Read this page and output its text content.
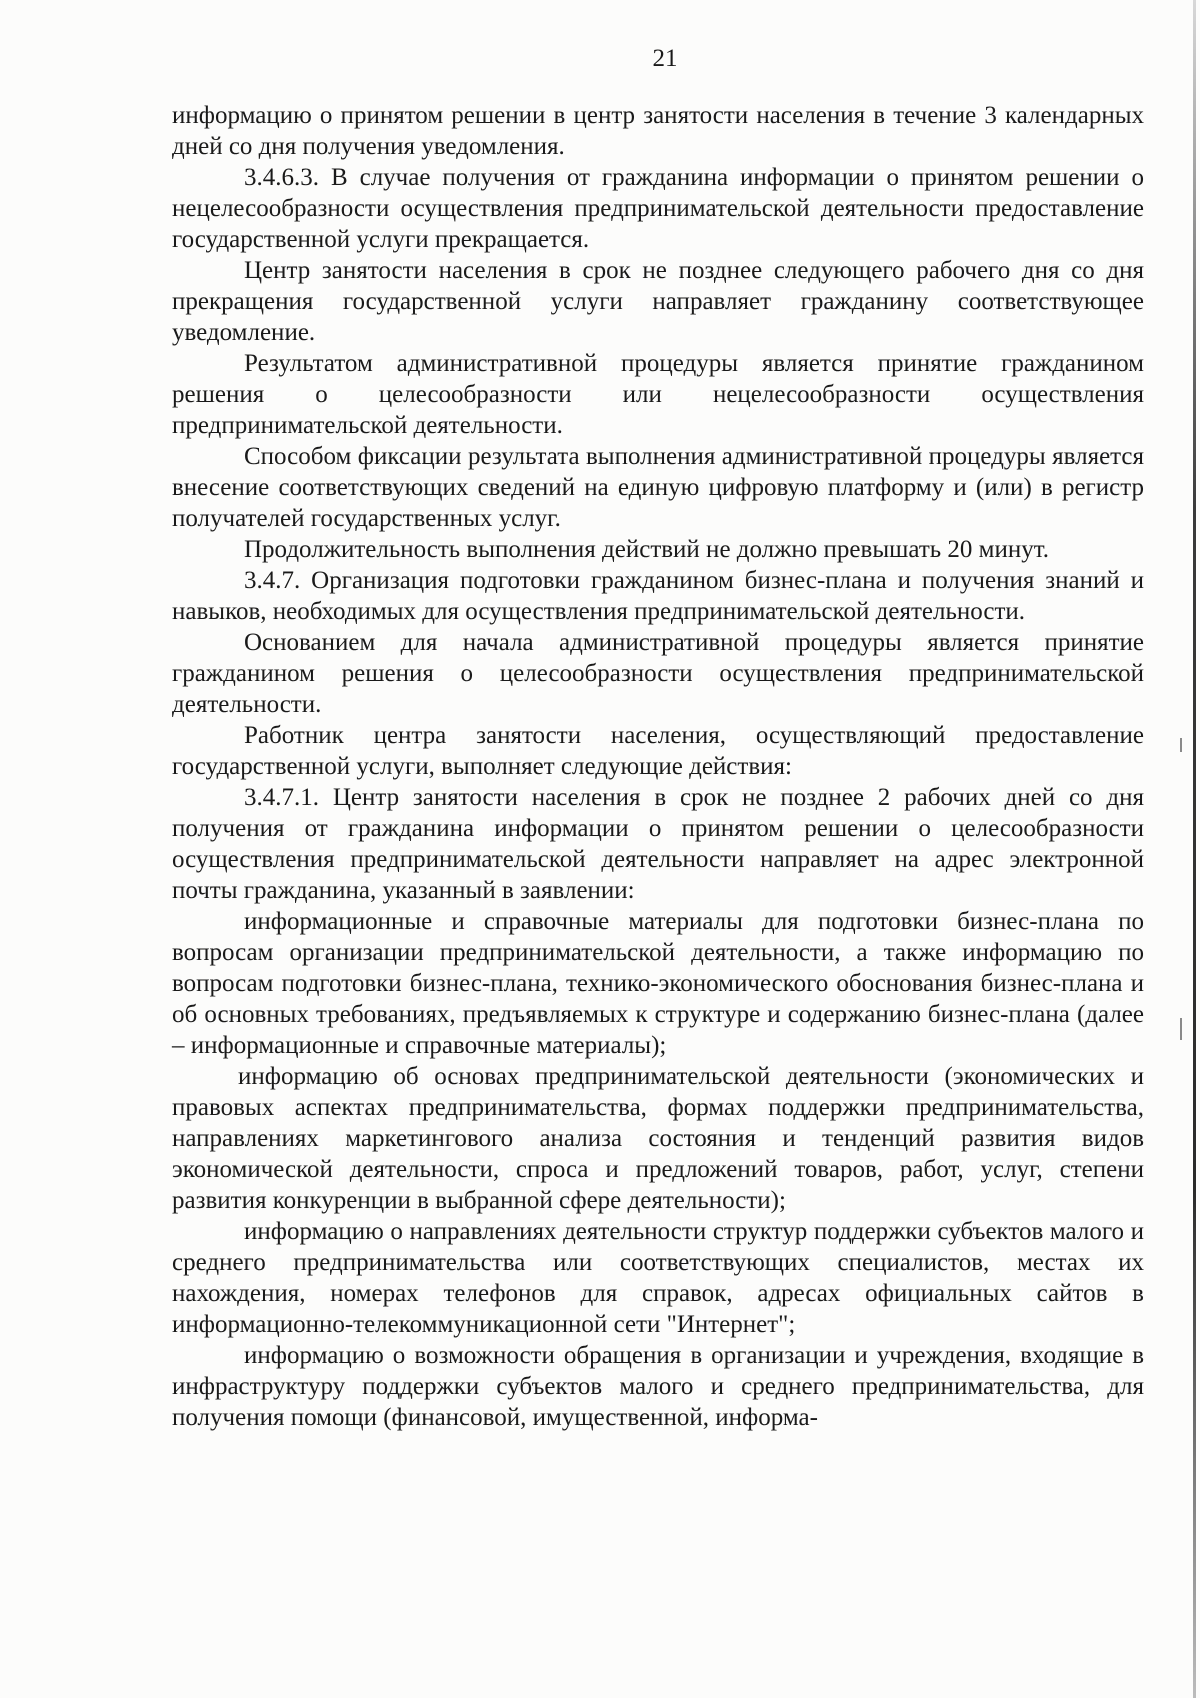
21

информацию о принятом решении в центр занятости населения в течение 3 календарных дней со дня получения уведомления.

3.4.6.3. В случае получения от гражданина информации о принятом решении о нецелесообразности осуществления предпринимательской деятельности предоставление государственной услуги прекращается.

Центр занятости населения в срок не позднее следующего рабочего дня со дня прекращения государственной услуги направляет гражданину соответствующее уведомление.

Результатом административной процедуры является принятие гражданином решения о целесообразности или нецелесообразности осуществления предпринимательской деятельности.

Способом фиксации результата выполнения административной процедуры является внесение соответствующих сведений на единую цифровую платформу и (или) в регистр получателей государственных услуг.

Продолжительность выполнения действий не должно превышать 20 минут.

3.4.7. Организация подготовки гражданином бизнес-плана и получения знаний и навыков, необходимых для осуществления предпринимательской деятельности.

Основанием для начала административной процедуры является принятие гражданином решения о целесообразности осуществления предпринимательской деятельности.

Работник центра занятости населения, осуществляющий предоставление государственной услуги, выполняет следующие действия:

3.4.7.1. Центр занятости населения в срок не позднее 2 рабочих дней со дня получения от гражданина информации о принятом решении о целесообразности осуществления предпринимательской деятельности направляет на адрес электронной почты гражданина, указанный в заявлении:

информационные и справочные материалы для подготовки бизнес-плана по вопросам организации предпринимательской деятельности, а также информацию по вопросам подготовки бизнес-плана, технико-экономического обоснования бизнес-плана и об основных требованиях, предъявляемых к структуре и содержанию бизнес-плана (далее – информационные и справочные материалы);

информацию об основах предпринимательской деятельности (экономических и правовых аспектах предпринимательства, формах поддержки предпринимательства, направлениях маркетингового анализа состояния и тенденций развития видов экономической деятельности, спроса и предложений товаров, работ, услуг, степени развития конкуренции в выбранной сфере деятельности);

информацию о направлениях деятельности структур поддержки субъектов малого и среднего предпринимательства или соответствующих специалистов, местах их нахождения, номерах телефонов для справок, адресах официальных сайтов в информационно-телекоммуникационной сети "Интернет";

информацию о возможности обращения в организации и учреждения, входящие в инфраструктуру поддержки субъектов малого и среднего предпринимательства, для получения помощи (финансовой, имущественной, информа-
